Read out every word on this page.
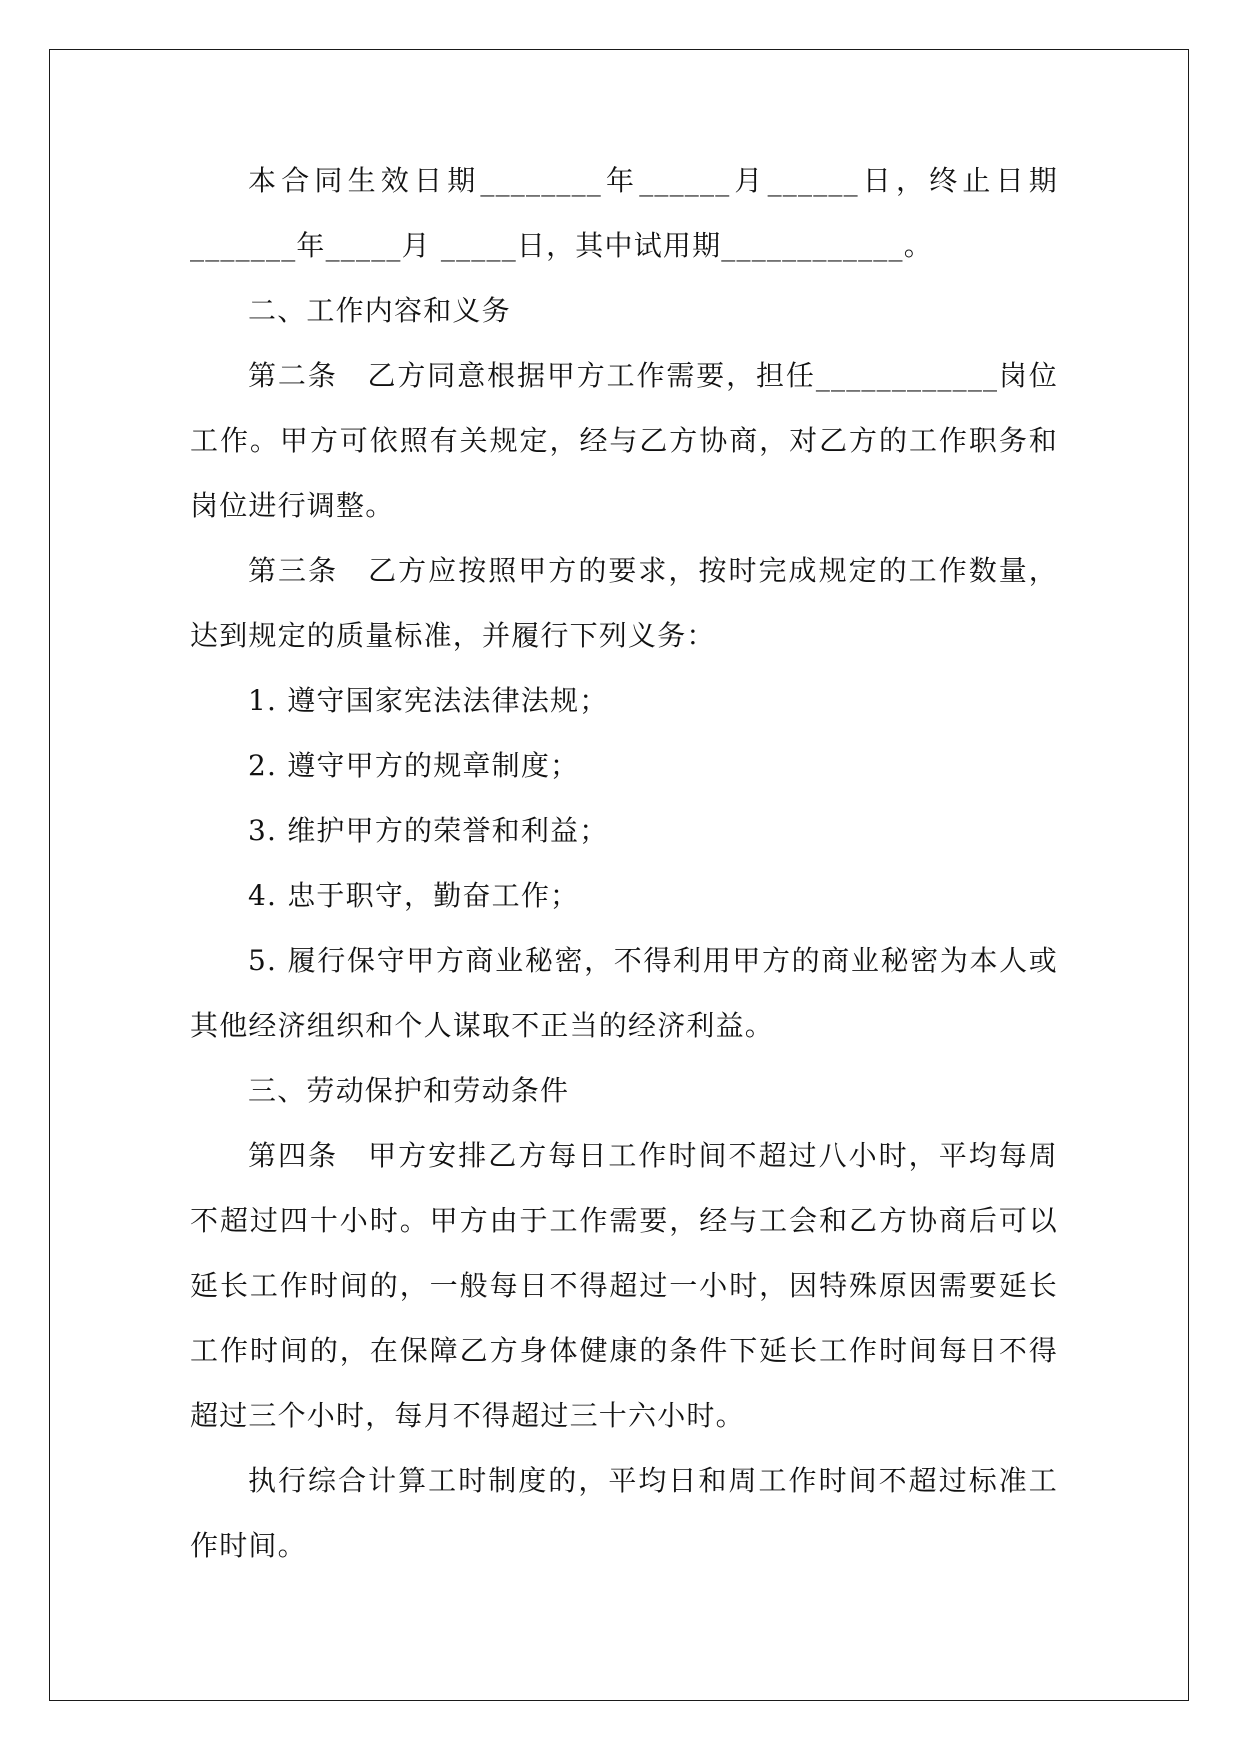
本合同生效日期________年______月______日，终止日期_______年_____月 _____日，其中试用期____________。

二、工作内容和义务

第二条　乙方同意根据甲方工作需要，担任____________岗位工作。甲方可依照有关规定，经与乙方协商，对乙方的工作职务和岗位进行调整。

第三条　乙方应按照甲方的要求，按时完成规定的工作数量，达到规定的质量标准，并履行下列义务：

1. 遵守国家宪法法律法规；

2. 遵守甲方的规章制度；

3. 维护甲方的荣誉和利益；

4. 忠于职守，勤奋工作；

5. 履行保守甲方商业秘密，不得利用甲方的商业秘密为本人或其他经济组织和个人谋取不正当的经济利益。

三、劳动保护和劳动条件

第四条　甲方安排乙方每日工作时间不超过八小时，平均每周不超过四十小时。甲方由于工作需要，经与工会和乙方协商后可以延长工作时间的，一般每日不得超过一小时，因特殊原因需要延长工作时间的，在保障乙方身体健康的条件下延长工作时间每日不得超过三个小时，每月不得超过三十六小时。

执行综合计算工时制度的，平均日和周工作时间不超过标准工作时间。
